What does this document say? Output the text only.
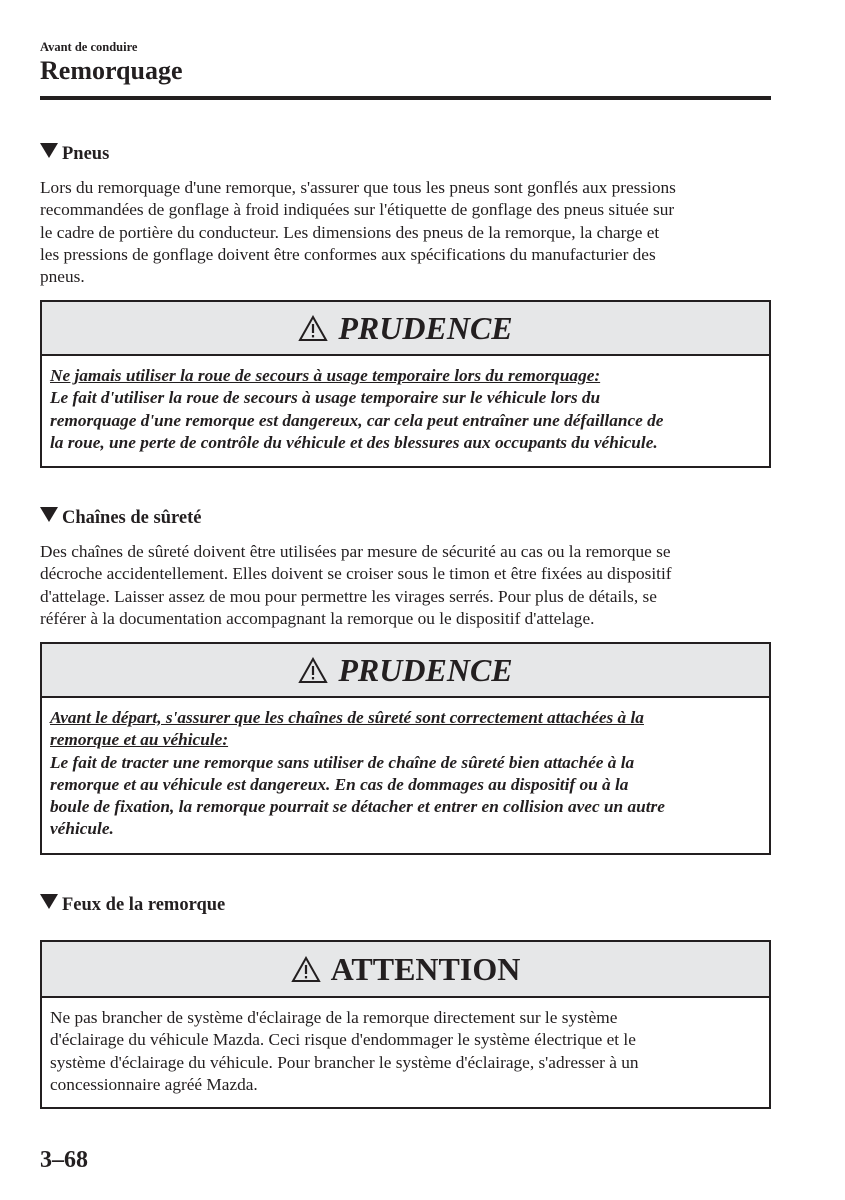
Avant de conduire
Remorquage
Pneus
Lors du remorquage d'une remorque, s'assurer que tous les pneus sont gonflés aux pressions
recommandées de gonflage à froid indiquées sur l'étiquette de gonflage des pneus située sur
le cadre de portière du conducteur. Les dimensions des pneus de la remorque, la charge et
les pressions de gonflage doivent être conformes aux spécifications du manufacturier des
pneus.
PRUDENCE
Ne jamais utiliser la roue de secours à usage temporaire lors du remorquage:
Le fait d'utiliser la roue de secours à usage temporaire sur le véhicule lors du
remorquage d'une remorque est dangereux, car cela peut entraîner une défaillance de
la roue, une perte de contrôle du véhicule et des blessures aux occupants du véhicule.
Chaînes de sûreté
Des chaînes de sûreté doivent être utilisées par mesure de sécurité au cas ou la remorque se
décroche accidentellement. Elles doivent se croiser sous le timon et être fixées au dispositif
d'attelage. Laisser assez de mou pour permettre les virages serrés. Pour plus de détails, se
référer à la documentation accompagnant la remorque ou le dispositif d'attelage.
PRUDENCE
Avant le départ, s'assurer que les chaînes de sûreté sont correctement attachées à la
remorque et au véhicule:
Le fait de tracter une remorque sans utiliser de chaîne de sûreté bien attachée à la
remorque et au véhicule est dangereux. En cas de dommages au dispositif ou à la
boule de fixation, la remorque pourrait se détacher et entrer en collision avec un autre
véhicule.
Feux de la remorque
ATTENTION
Ne pas brancher de système d'éclairage de la remorque directement sur le système
d'éclairage du véhicule Mazda. Ceci risque d'endommager le système électrique et le
système d'éclairage du véhicule. Pour brancher le système d'éclairage, s'adresser à un
concessionnaire agréé Mazda.
3–68
